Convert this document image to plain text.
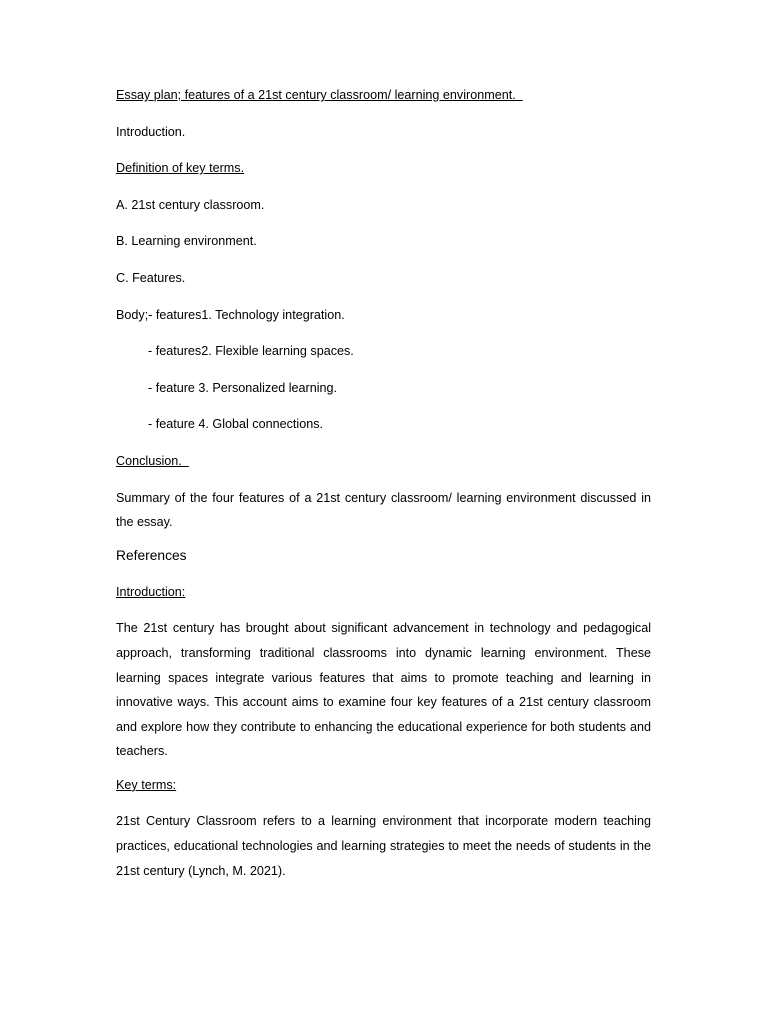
Essay plan; features of a 21st century classroom/ learning environment.

Introduction.

Definition of key terms.

A. 21st century classroom.

B. Learning environment.

C. Features.

Body;- features1. Technology integration.

- features2. Flexible learning spaces.

- feature 3. Personalized learning.

- feature 4. Global connections.

Conclusion.

Summary of the four features of a 21st century classroom/ learning environment discussed in the essay.

References

Introduction:

The 21st century has brought about significant advancement in technology and pedagogical approach, transforming traditional classrooms into dynamic learning environment. These learning spaces integrate various features that aims to promote teaching and learning in innovative ways. This account aims to examine four key features of a 21st century classroom and explore how they contribute to enhancing the educational experience for both students and teachers.

Key terms:

21st Century Classroom refers to a learning environment that incorporate modern teaching practices, educational technologies and learning strategies to meet the needs of students in the 21st century (Lynch, M. 2021).
